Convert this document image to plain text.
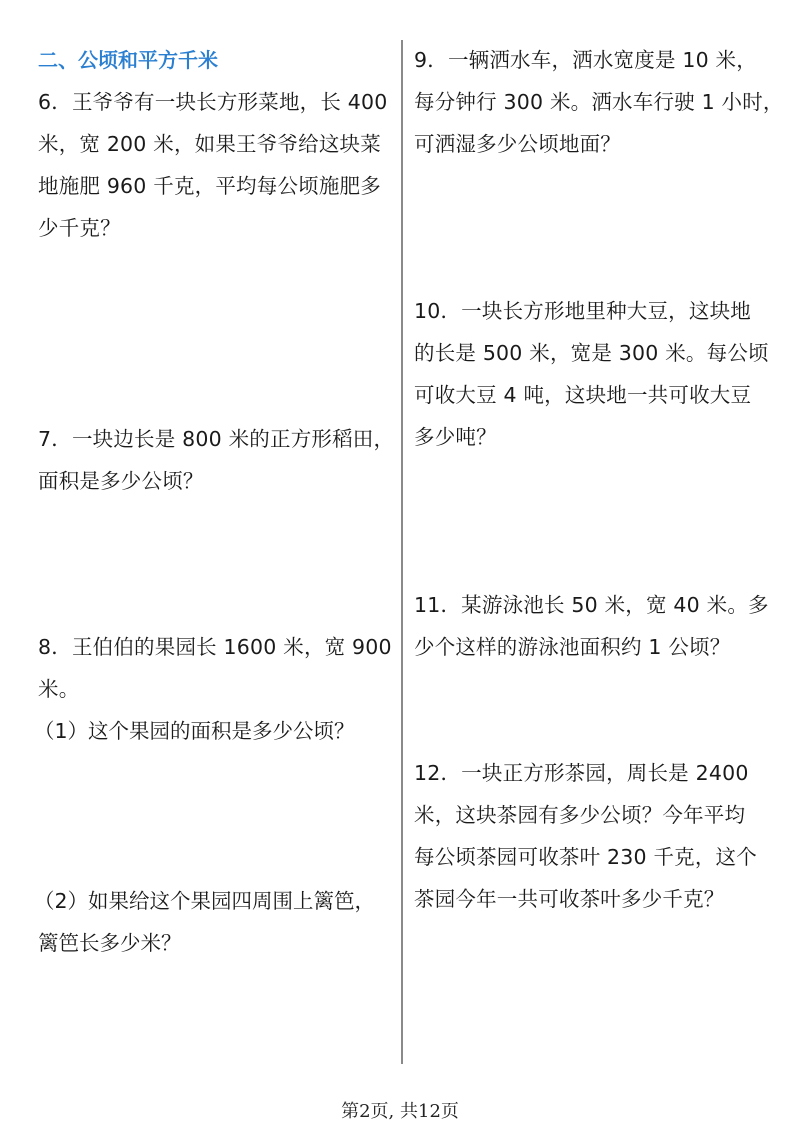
二、公顷和平方千米
6．王爷爷有一块长方形菜地，长 400
米，宽 200 米，如果王爷爷给这块菜
地施肥 960 千克，平均每公顷施肥多
少千克？
7．一块边长是 800 米的正方形稻田，
面积是多少公顷？
8．王伯伯的果园长 1600 米，宽 900
米。
（1）这个果园的面积是多少公顷？
（2）如果给这个果园四周围上篱笆，
篱笆长多少米？
9．一辆洒水车，洒水宽度是 10 米，
每分钟行 300 米。洒水车行驶 1 小时，
可洒湿多少公顷地面？
10．一块长方形地里种大豆，这块地
的长是 500 米，宽是 300 米。每公顷
可收大豆 4 吨，这块地一共可收大豆
多少吨？
11．某游泳池长 50 米，宽 40 米。多
少个这样的游泳池面积约 1 公顷？
12．一块正方形茶园，周长是 2400
米，这块茶园有多少公顷？今年平均
每公顷茶园可收茶叶 230 千克，这个
茶园今年一共可收茶叶多少千克？
第2页, 共12页
